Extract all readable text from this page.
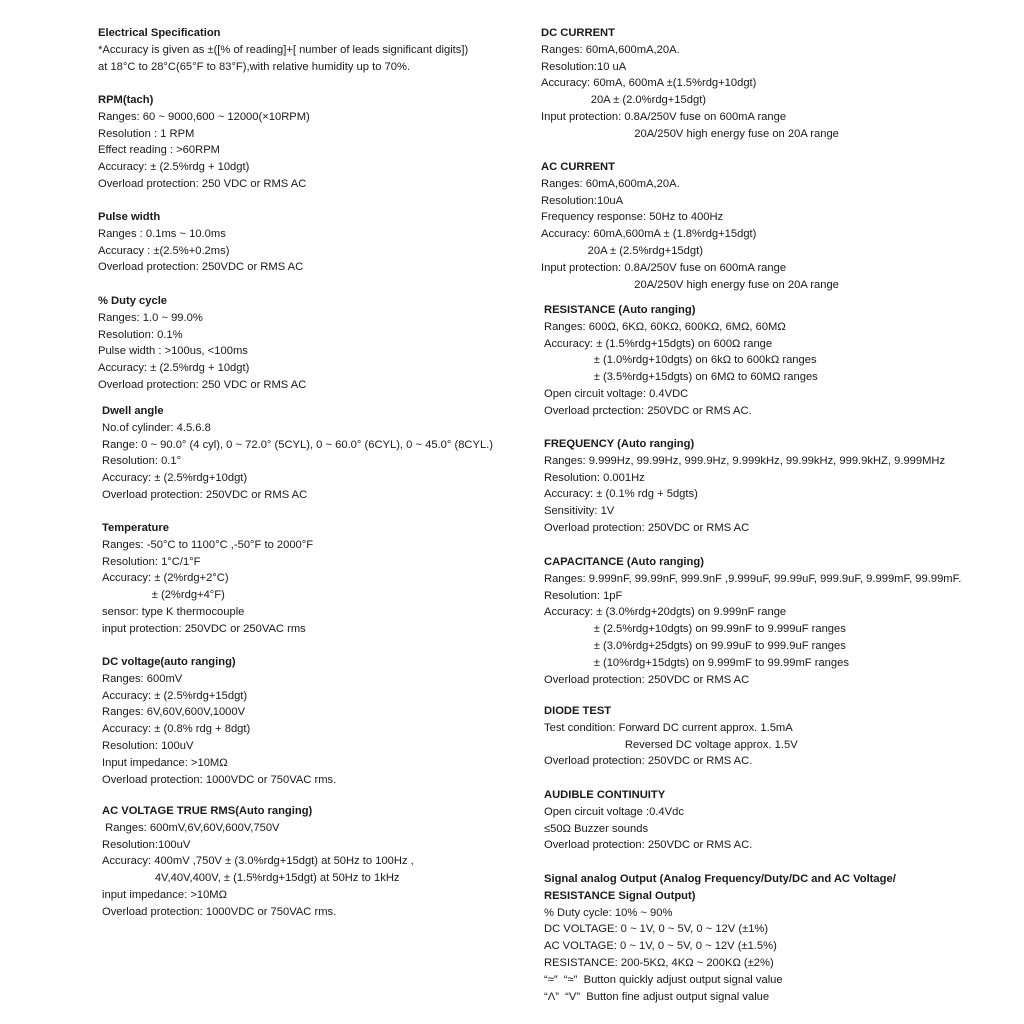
Electrical Specification
*Accuracy is given as ±([% of reading]+[ number of leads significant digits])
at 18°C to 28°C(65°F to 83°F),with relative humidity up to 70%.
RPM(tach)
Ranges: 60 ~ 9000,600 ~ 12000(×10RPM)
Resolution : 1 RPM
Effect reading : >60RPM
Accuracy: ± (2.5%rdg + 10dgt)
Overload protection: 250 VDC or RMS AC
Pulse width
Ranges : 0.1ms ~ 10.0ms
Accuracy : ±(2.5%+0.2ms)
Overload protection: 250VDC or RMS AC
% Duty cycle
Ranges: 1.0 ~ 99.0%
Resolution: 0.1%
Pulse width : >100us, <100ms
Accuracy: ± (2.5%rdg + 10dgt)
Overload protection: 250 VDC or RMS AC
Dwell angle
No.of cylinder: 4.5.6.8
Range: 0 ~ 90.0° (4 cyl), 0 ~ 72.0° (5CYL), 0 ~ 60.0° (6CYL), 0 ~ 45.0° (8CYL.)
Resolution: 0.1°
Accuracy: ± (2.5%rdg+10dgt)
Overload protection: 250VDC or RMS AC
Temperature
Ranges: -50°C to 1100°C ,-50°F to 2000°F
Resolution: 1°C/1°F
Accuracy: ± (2%rdg+2°C)
± (2%rdg+4°F)
sensor: type K thermocouple
input protection: 250VDC or 250VAC rms
DC voltage(auto ranging)
Ranges: 600mV
Accuracy: ± (2.5%rdg+15dgt)
Ranges: 6V,60V,600V,1000V
Accuracy: ± (0.8% rdg + 8dgt)
Resolution: 100uV
Input impedance: >10MΩ
Overload protection: 1000VDC or 750VAC rms.
AC VOLTAGE TRUE RMS(Auto ranging)
Ranges: 600mV,6V,60V,600V,750V
Resolution:100uV
Accuracy: 400mV ,750V ± (3.0%rdg+15dgt) at 50Hz to 100Hz ,
4V,40V,400V, ± (1.5%rdg+15dgt) at 50Hz to 1kHz
input impedance: >10MΩ
Overload protection: 1000VDC or 750VAC rms.
DC CURRENT
Ranges: 60mA,600mA,20A.
Resolution:10 uA
Accuracy: 60mA, 600mA ±(1.5%rdg+10dgt)
20A ± (2.0%rdg+15dgt)
Input protection: 0.8A/250V fuse on 600mA range
20A/250V high energy fuse on 20A range
AC CURRENT
Ranges: 60mA,600mA,20A.
Resolution:10uA
Frequency response: 50Hz to 400Hz
Accuracy: 60mA,600mA ± (1.8%rdg+15dgt)
20A ± (2.5%rdg+15dgt)
Input protection: 0.8A/250V fuse on 600mA range
20A/250V high energy fuse on 20A range
RESISTANCE (Auto ranging)
Ranges: 600Ω, 6KΩ, 60KΩ, 600KΩ, 6MΩ, 60MΩ
Accuracy: ± (1.5%rdg+15dgts) on 600Ω range
± (1.0%rdg+10dgts) on 6kΩ to 600kΩ ranges
± (3.5%rdg+15dgts) on 6MΩ to 60MΩ ranges
Open circuit voltage: 0.4VDC
Overload prctection: 250VDC or RMS AC.
FREQUENCY (Auto ranging)
Ranges: 9.999Hz, 99.99Hz, 999.9Hz, 9.999kHz, 99.99kHz, 999.9kHZ, 9.999MHz
Resolution: 0.001Hz
Accuracy: ± (0.1% rdg + 5dgts)
Sensitivity: 1V
Overload protection: 250VDC or RMS AC
CAPACITANCE (Auto ranging)
Ranges: 9.999nF, 99.99nF, 999.9nF ,9.999uF, 99.99uF, 999.9uF, 9.999mF, 99.99mF.
Resolution: 1pF
Accuracy: ± (3.0%rdg+20dgts) on 9.999nF range
± (2.5%rdg+10dgts) on 99.99nF to 9.999uF ranges
± (3.0%rdg+25dgts) on 99.99uF to 999.9uF ranges
± (10%rdg+15dgts) on 9.999mF to 99.99mF ranges
Overload protection: 250VDC or RMS AC
DIODE TEST
Test condition: Forward DC current approx. 1.5mA
Reversed DC voltage approx. 1.5V
Overload protection: 250VDC or RMS AC.
AUDIBLE CONTINUITY
Open circuit voltage :0.4Vdc
≤50Ω Buzzer sounds
Overload protection: 250VDC or RMS AC.
Signal analog Output (Analog Frequency/Duty/DC and AC Voltage/
RESISTANCE Signal Output)
% Duty cycle: 10% ~ 90%
DC VOLTAGE: 0 ~ 1V, 0 ~ 5V, 0 ~ 12V (±1%)
AC VOLTAGE: 0 ~ 1V, 0 ~ 5V, 0 ~ 12V (±1.5%)
RESISTANCE: 200-5KΩ, 4KΩ ~ 200KΩ (±2%)
“≈”  “≈”  Button quickly adjust output signal value
“Λ”  “V”  Button fine adjust output signal value
